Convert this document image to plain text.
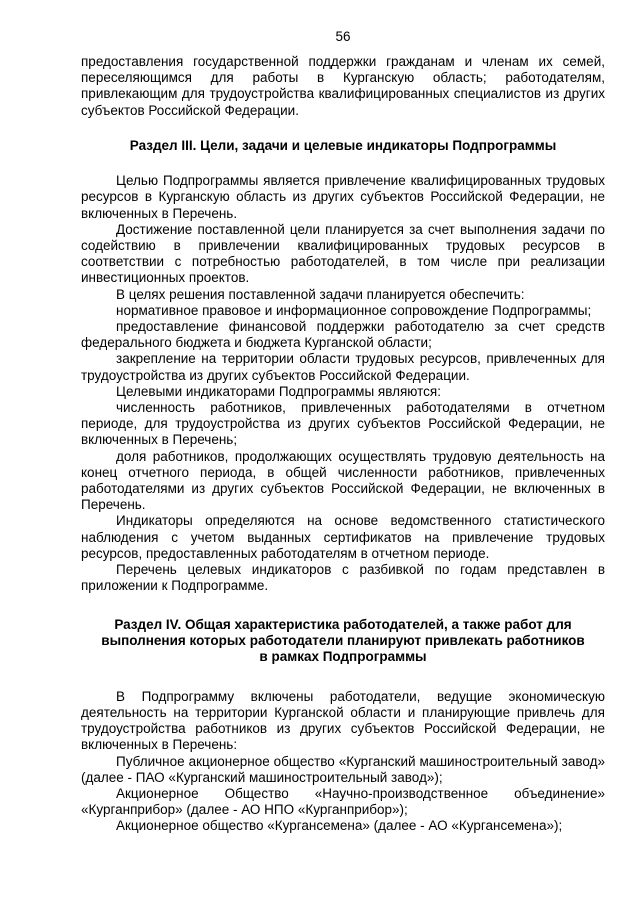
56

предоставления государственной поддержки гражданам и членам их семей, переселяющимся для работы в Курганскую область; работодателям, привлекающим для трудоустройства квалифицированных специалистов из других субъектов Российской Федерации.

Раздел III. Цели, задачи и целевые индикаторы Подпрограммы

Целью Подпрограммы является привлечение квалифицированных трудовых ресурсов в Курганскую область из других субъектов Российской Федерации, не включенных в Перечень.

Достижение поставленной цели планируется за счет выполнения задачи по содействию в привлечении квалифицированных трудовых ресурсов в соответствии с потребностью работодателей, в том числе при реализации инвестиционных проектов.

В целях решения поставленной задачи планируется обеспечить:

нормативное правовое и информационное сопровождение Подпрограммы;

предоставление финансовой поддержки работодателю за счет средств федерального бюджета и бюджета Курганской области;

закрепление на территории области трудовых ресурсов, привлеченных для трудоустройства из других субъектов Российской Федерации.

Целевыми индикаторами Подпрограммы являются:

численность работников, привлеченных работодателями в отчетном периоде, для трудоустройства из других субъектов Российской Федерации, не включенных в Перечень;

доля работников, продолжающих осуществлять трудовую деятельность на конец отчетного периода, в общей численности работников, привлеченных работодателями из других субъектов Российской Федерации, не включенных в Перечень.

Индикаторы определяются на основе ведомственного статистического наблюдения с учетом выданных сертификатов на привлечение трудовых ресурсов, предоставленных работодателям в отчетном периоде.

Перечень целевых индикаторов с разбивкой по годам представлен в приложении к Подпрограмме.

Раздел IV. Общая характеристика работодателей, а также работ для
выполнения которых работодатели планируют привлекать работников
в рамках Подпрограммы

В Подпрограмму включены работодатели, ведущие экономическую деятельность на территории Курганской области и планирующие привлечь для трудоустройства работников из других субъектов Российской Федерации, не включенных в Перечень:

Публичное акционерное общество «Курганский машиностроительный завод» (далее - ПАО «Курганский машиностроительный завод»);

Акционерное Общество «Научно-производственное объединение» «Курганприбор» (далее - АО НПО «Курганприбор»);

Акционерное общество «Кургансемена» (далее - АО «Кургансемена»);
